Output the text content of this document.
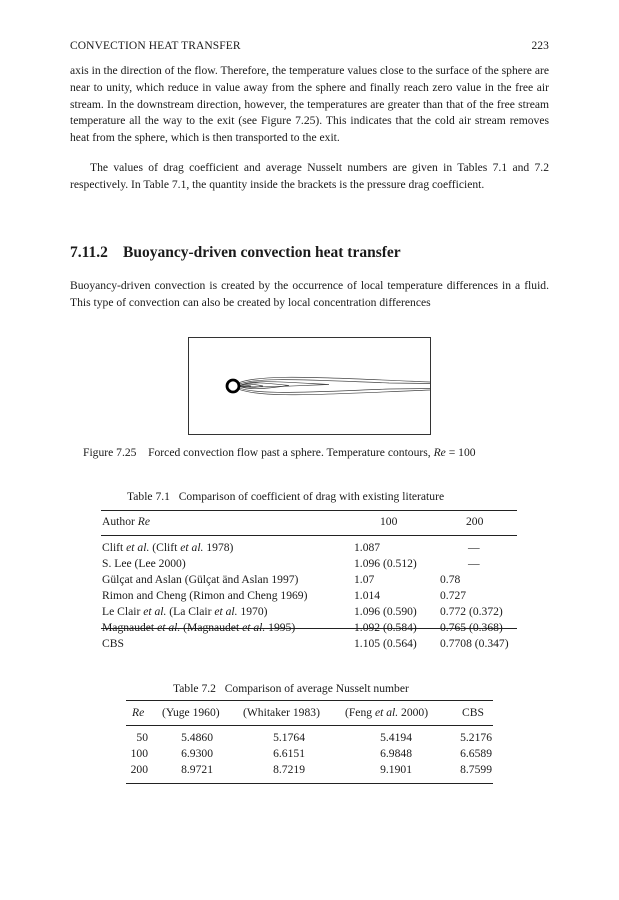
CONVECTION HEAT TRANSFER	223
axis in the direction of the flow. Therefore, the temperature values close to the surface of the sphere are near to unity, which reduce in value away from the sphere and finally reach zero value in the free air stream. In the downstream direction, however, the temperatures are greater than that of the free stream temperature all the way to the exit (see Figure 7.25). This indicates that the cold air stream removes heat from the sphere, which is then transported to the exit.
The values of drag coefficient and average Nusselt numbers are given in Tables 7.1 and 7.2 respectively. In Table 7.1, the quantity inside the brackets is the pressure drag coefficient.
7.11.2 Buoyancy-driven convection heat transfer
Buoyancy-driven convection is created by the occurrence of local temperature differences in a fluid. This type of convection can also be created by local concentration differences
Figure 7.25 Forced convection flow past a sphere. Temperature contours, Re = 100
Table 7.1 Comparison of coefficient of drag with existing literature
Author Re	100	200
Clift et al. (Clift et al. 1978)	1.087	—
S. Lee (Lee 2000)	1.096 (0.512)	—
Gülçat and Aslan (Gülçat änd Aslan 1997)	1.07	0.78
Rimon and Cheng (Rimon and Cheng 1969)	1.014	0.727
Le Clair et al. (La Clair et al. 1970)	1.096 (0.590) 0.772 (0.372)
Magnaudet et al. (Magnaudet et al. 1995)	1.092 (0.584) 0.765 (0.368)
CBS	1.105 (0.564) 0.7708 (0.347)
Table 7.2 Comparison of average Nusselt number
Re (Yuge 1960) (Whitaker 1983) (Feng et al. 2000)	CBS
50	5.4860	5.1764	5.4194	5.2176
100	6.9300	6.6151	6.9848	6.6589
200	8.9721	8.7219	9.1901	8.7599
